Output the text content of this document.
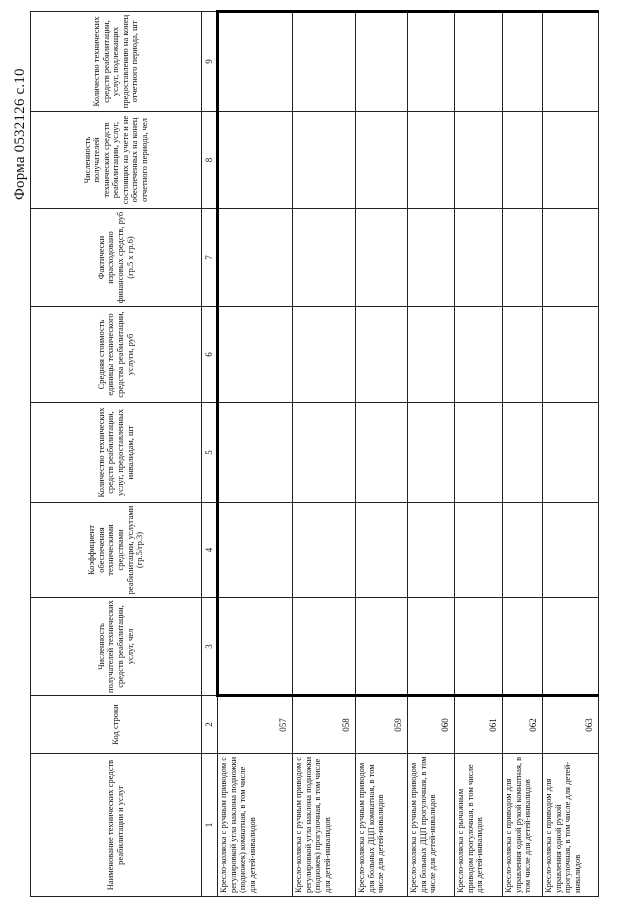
Форма 0532126 с.10
Наименование технических средств реабилитации и услуг	Код строки	Численность получателей технических средств реабилитации, услуг, чел	Коэффициент обеспечения техническими средствами реабилитации, услугами (гр.5/гр.3)	Количество технических средств реабилитации, услуг, предоставленных инвалидам, шт	Средняя стоимость единицы технического средства реабилитации, услуги, руб	Фактически израсходовано финансовых средств, руб (гр.5 х гр.6)	Численность получателей технических средств реабилитации, услуг, состоящих на учете и не обеспеченных на конец отчетного периода, чел	Количество технических средств реабилитации, услуг, подлежащих предоставлению на конец отчетного периода, шт
1	2	3	4	5	6	7	8	9
Кресло-коляска с ручным приводом с регулировкой угла наклона подножки (подножек) комнатная, в том числе для детей-инвалидов	057							
Кресло-коляска с ручным приводом с регулировкой угла наклона подножки (подножек) прогулочная, в том числе для детей-инвалидов	058							
Кресло-коляска с ручным приводом для больных ДЦП комнатная, в том числе для детей-инвалидов	059							
Кресло-коляска с ручным приводом для больных ДЦП прогулочная, в том числе для детей-инвалидов	060							
Кресло-коляска с рычажным приводом прогулочная, в том числе для детей-инвалидов	061							
Кресло-коляска с приводом для управления одной рукой комнатная, в том числе для детей-инвалидов	062							
Кресло-коляска с приводом для управления одной рукой прогулочная, в том числе для детей-инвалидов	063							
